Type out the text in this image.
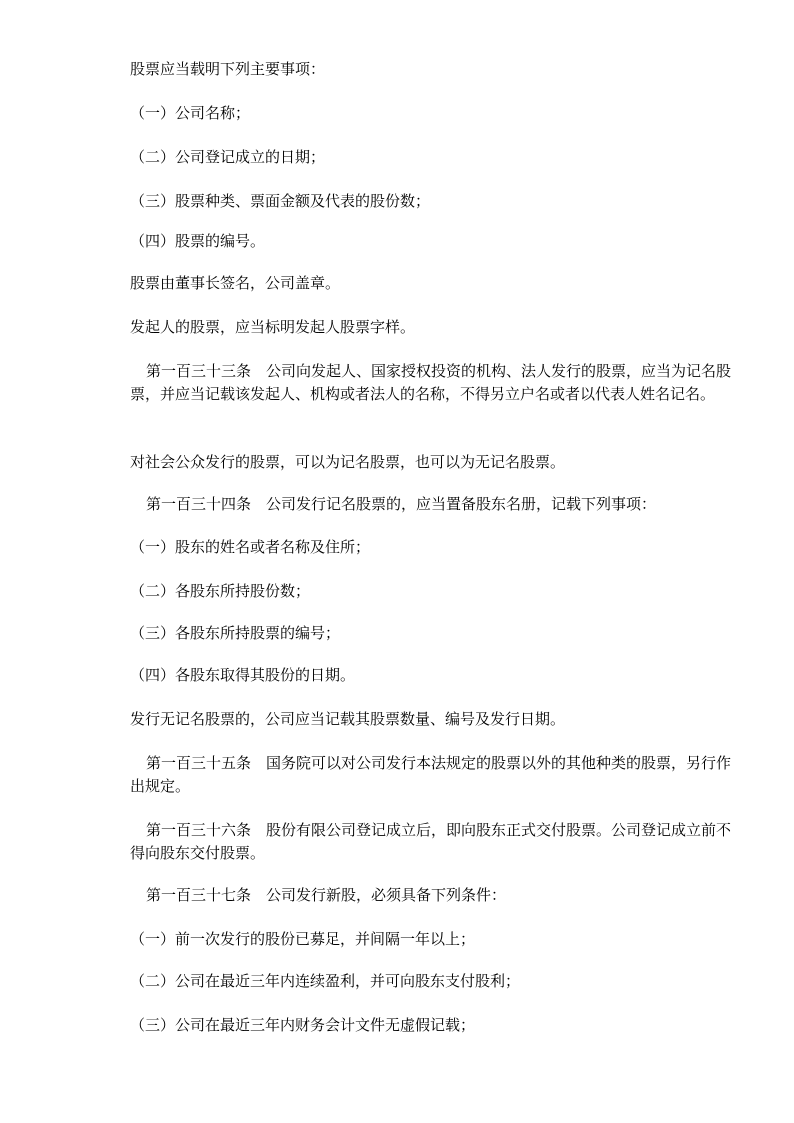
股票应当载明下列主要事项：

（一）公司名称；

（二）公司登记成立的日期；

（三）股票种类、票面金额及代表的股份数；

（四）股票的编号。

股票由董事长签名，公司盖章。

发起人的股票，应当标明发起人股票字样。

第一百三十三条　公司向发起人、国家授权投资的机构、法人发行的股票，应当为记名股票，并应当记载该发起人、机构或者法人的名称，不得另立户名或者以代表人姓名记名。

对社会公众发行的股票，可以为记名股票，也可以为无记名股票。

第一百三十四条　公司发行记名股票的，应当置备股东名册，记载下列事项：

（一）股东的姓名或者名称及住所；

（二）各股东所持股份数；

（三）各股东所持股票的编号；

（四）各股东取得其股份的日期。

发行无记名股票的，公司应当记载其股票数量、编号及发行日期。

第一百三十五条　国务院可以对公司发行本法规定的股票以外的其他种类的股票，另行作出规定。

第一百三十六条　股份有限公司登记成立后，即向股东正式交付股票。公司登记成立前不得向股东交付股票。

第一百三十七条　公司发行新股，必须具备下列条件：

（一）前一次发行的股份已募足，并间隔一年以上；

（二）公司在最近三年内连续盈利，并可向股东支付股利；

（三）公司在最近三年内财务会计文件无虚假记载；
